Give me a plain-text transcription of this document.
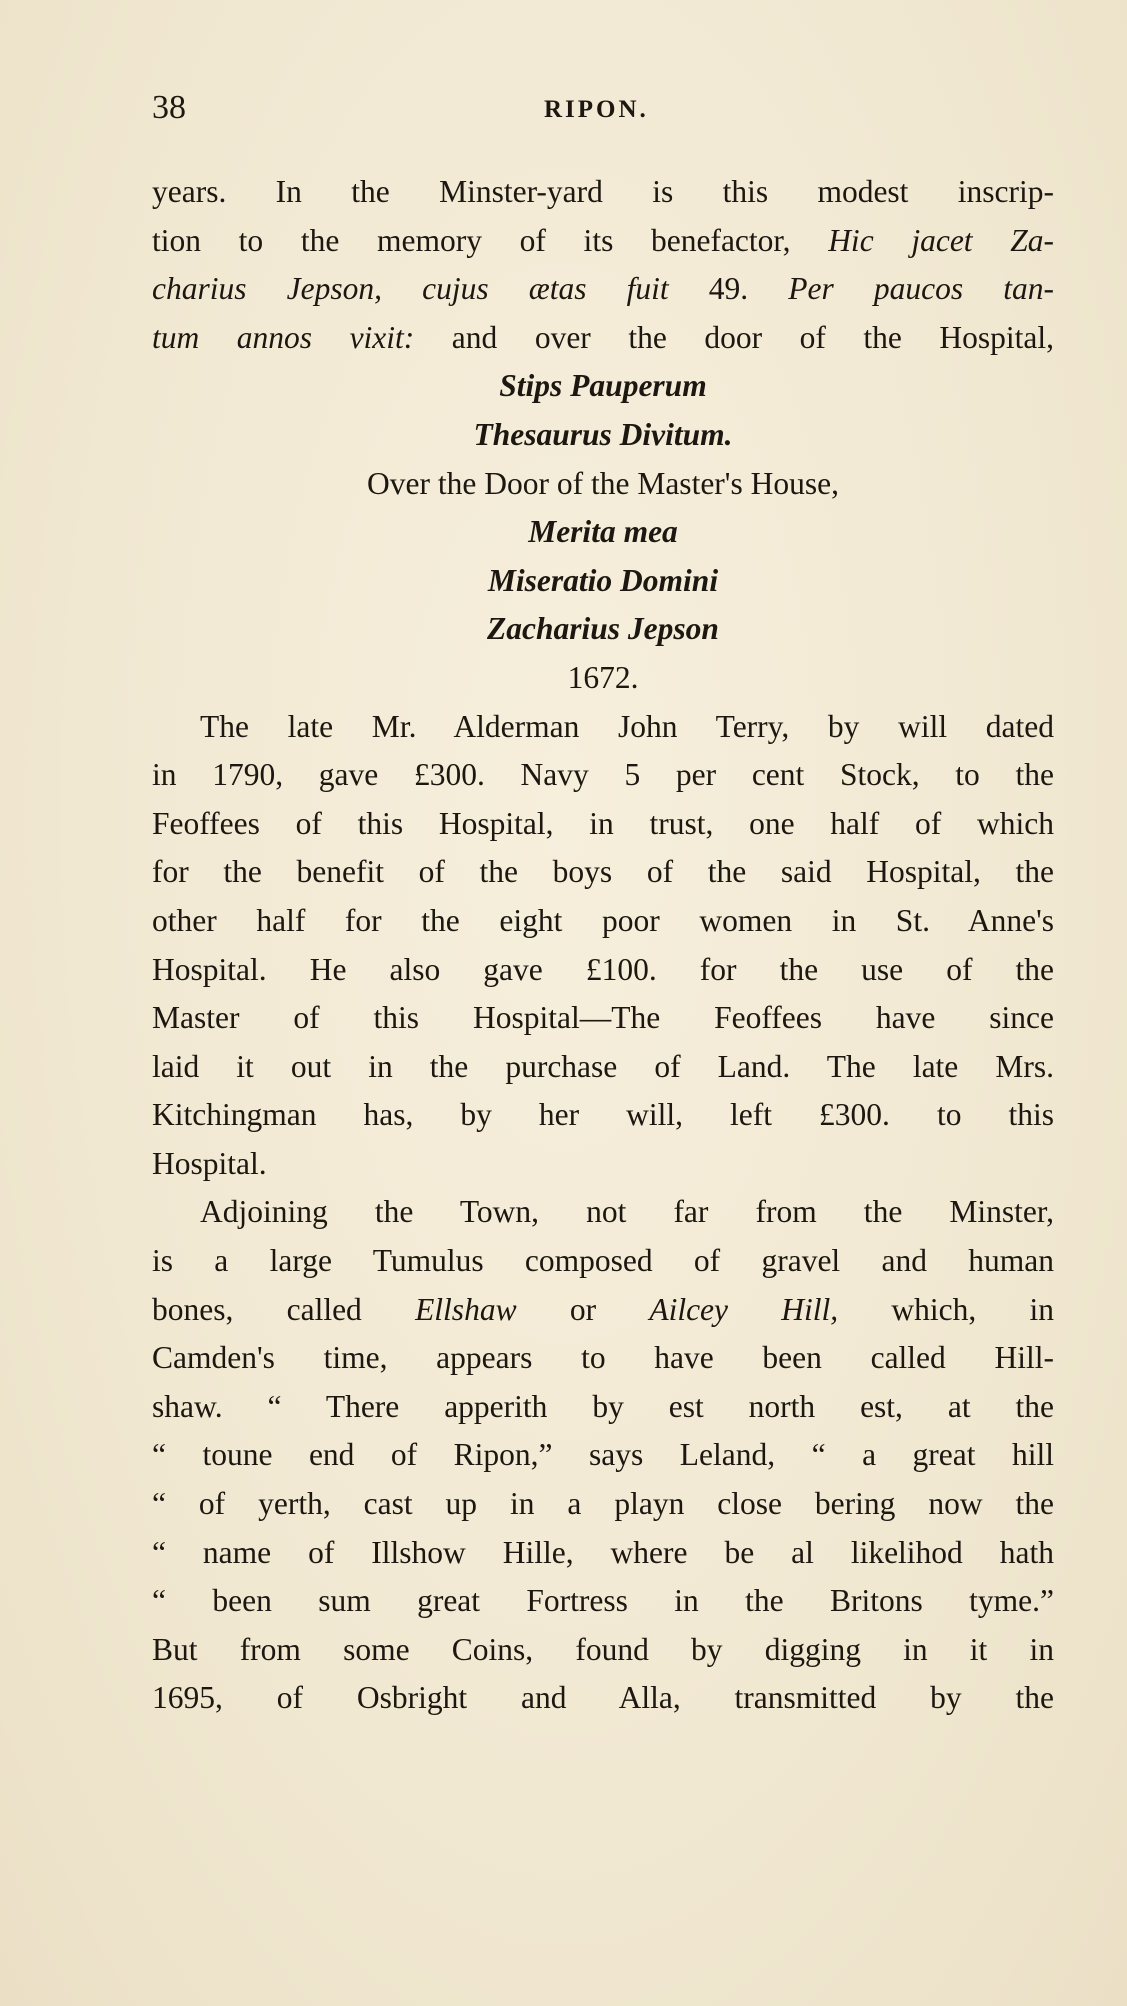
38	RIPON.
years. In the Minster-yard is this modest inscrip-
tion to the memory of its benefactor, Hic jacet Za-
charius Jepson, cujus ætas fuit 49. Per paucos tan-
tum annos vixit: and over the door of the Hospital,
Stips Pauperum
Thesaurus Divitum.
Over the Door of the Master's House,
Merita mea
Miseratio Domini
Zacharius Jepson
1672.
The late Mr. Alderman John Terry, by will dated
in 1790, gave £300. Navy 5 per cent Stock, to the
Feoffees of this Hospital, in trust, one half of which
for the benefit of the boys of the said Hospital, the
other half for the eight poor women in St. Anne's
Hospital. He also gave £100. for the use of the
Master of this Hospital—The Feoffees have since
laid it out in the purchase of Land. The late Mrs.
Kitchingman has, by her will, left £300. to this
Hospital.
Adjoining the Town, not far from the Minster,
is a large Tumulus composed of gravel and human
bones, called Ellshaw or Ailcey Hill, which, in
Camden's time, appears to have been called Hill-
shaw. “ There apperith by est north est, at the
“ toune end of Ripon,” says Leland, “ a great hill
“ of yerth, cast up in a playn close bering now the
“ name of Illshow Hille, where be al likelihod hath
“ been sum great Fortress in the Britons tyme.”
But from some Coins, found by digging in it in
1695, of Osbright and Alla, transmitted by the
